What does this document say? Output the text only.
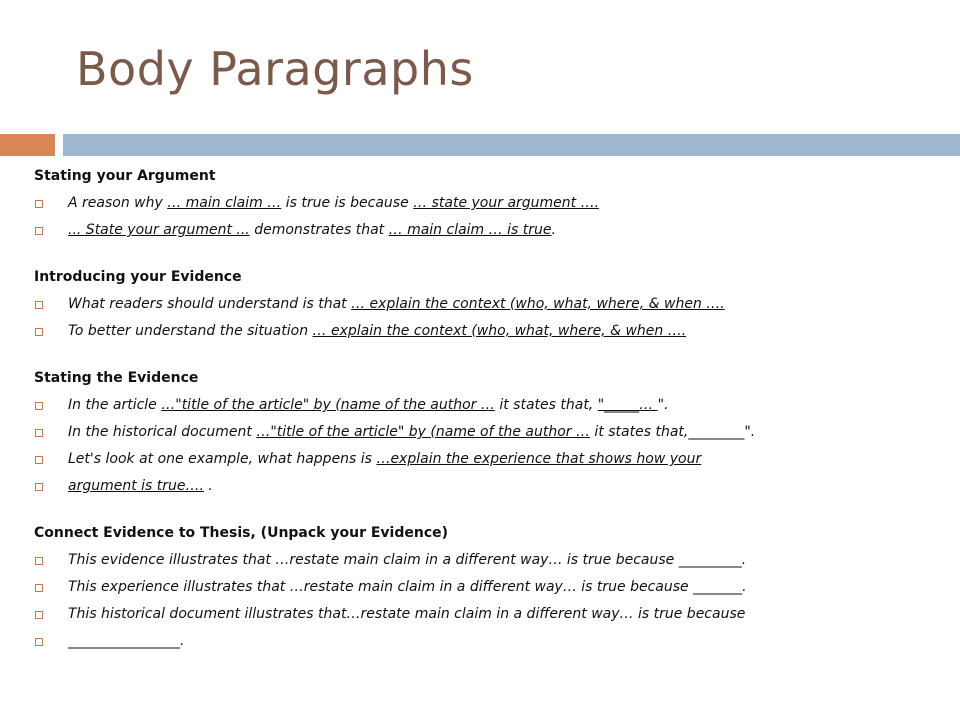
Body Paragraphs
Stating your Argument
A reason why … main claim … is true is because … state your argument ….
... State your argument ... demonstrates that … main claim … is true.
Introducing your Evidence
What readers should understand is that … explain the context (who, what, where, & when ….
To better understand the situation … explain the context (who, what, where, & when ….
Stating the Evidence
In the article …"title of the article" by (name of the author … it states that, "_____… ".
In the historical document …"title of the article" by (name of the author … it states that,________".
Let's look at one example, what happens is …explain the experience that shows how your
argument is true…. .
Connect Evidence to Thesis, (Unpack your Evidence)
This evidence illustrates that …restate main claim in a different way… is true because _________.
This experience illustrates that …restate main claim in a different way… is true because _______.
This historical document illustrates that…restate main claim in a different way… is true because
________________.
